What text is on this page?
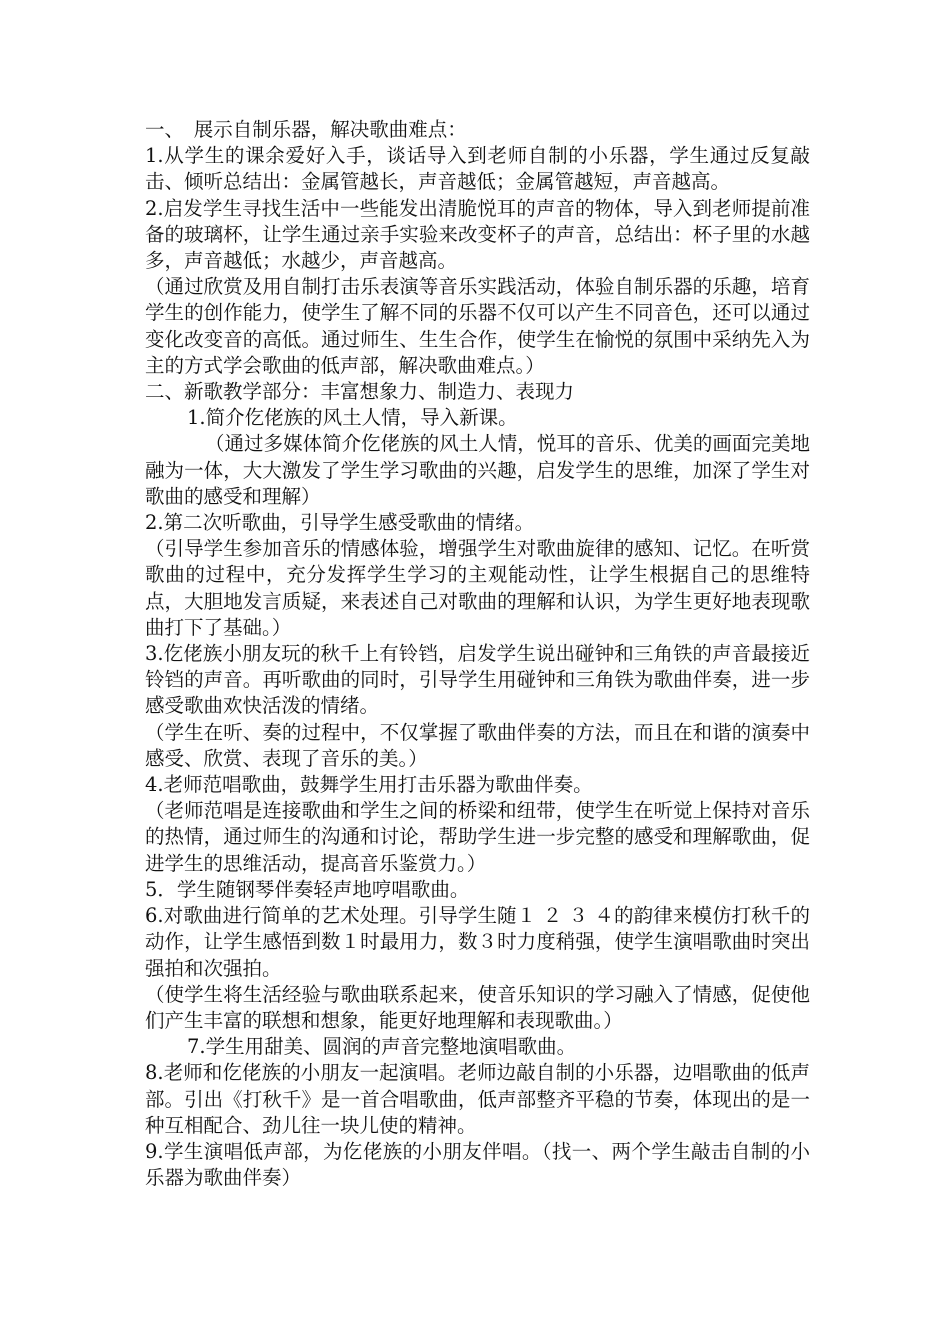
一、　展示自制乐器，解决歌曲难点：

1.从学生的课余爱好入手，谈话导入到老师自制的小乐器，学生通过反复敲击、倾听总结出：金属管越长，声音越低；金属管越短，声音越高。

2.启发学生寻找生活中一些能发出清脆悦耳的声音的物体，导入到老师提前准备的玻璃杯，让学生通过亲手实验来改变杯子的声音，总结出：杯子里的水越多，声音越低；水越少，声音越高。

（通过欣赏及用自制打击乐表演等音乐实践活动，体验自制乐器的乐趣，培育学生的创作能力，使学生了解不同的乐器不仅可以产生不同音色，还可以通过变化改变音的高低。通过师生、生生合作，使学生在愉悦的氛围中采纳先入为主的方式学会歌曲的低声部，解决歌曲难点。）

二、新歌教学部分：丰富想象力、制造力、表现力

1.简介仡佬族的风土人情，导入新课。

（通过多媒体简介仡佬族的风土人情，悦耳的音乐、优美的画面完美地融为一体，大大激发了学生学习歌曲的兴趣，启发学生的思维，加深了学生对歌曲的感受和理解）

2.第二次听歌曲，引导学生感受歌曲的情绪。

（引导学生参加音乐的情感体验，增强学生对歌曲旋律的感知、记忆。在听赏歌曲的过程中，充分发挥学生学习的主观能动性，让学生根据自己的思维特点，大胆地发言质疑，来表述自己对歌曲的理解和认识，为学生更好地表现歌曲打下了基础。）

3.仡佬族小朋友玩的秋千上有铃铛，启发学生说出碰钟和三角铁的声音最接近铃铛的声音。再听歌曲的同时，引导学生用碰钟和三角铁为歌曲伴奏，进一步感受歌曲欢快活泼的情绪。

（学生在听、奏的过程中，不仅掌握了歌曲伴奏的方法，而且在和谐的演奏中感受、欣赏、表现了音乐的美。）

4.老师范唱歌曲，鼓舞学生用打击乐器为歌曲伴奏。

（老师范唱是连接歌曲和学生之间的桥梁和纽带，使学生在听觉上保持对音乐的热情，通过师生的沟通和讨论，帮助学生进一步完整的感受和理解歌曲，促进学生的思维活动，提高音乐鉴赏力。）

5．学生随钢琴伴奏轻声地哼唱歌曲。

6.对歌曲进行简单的艺术处理。引导学生随１ ２ ３ ４的韵律来模仿打秋千的动作，让学生感悟到数１时最用力，数３时力度稍强，使学生演唱歌曲时突出强拍和次强拍。

（使学生将生活经验与歌曲联系起来，使音乐知识的学习融入了情感，促使他们产生丰富的联想和想象，能更好地理解和表现歌曲。）

7.学生用甜美、圆润的声音完整地演唱歌曲。

8.老师和仡佬族的小朋友一起演唱。老师边敲自制的小乐器，边唱歌曲的低声部。引出《打秋千》是一首合唱歌曲，低声部整齐平稳的节奏，体现出的是一种互相配合、劲儿往一块儿使的精神。

9.学生演唱低声部，为仡佬族的小朋友伴唱。（找一、两个学生敲击自制的小乐器为歌曲伴奏）
